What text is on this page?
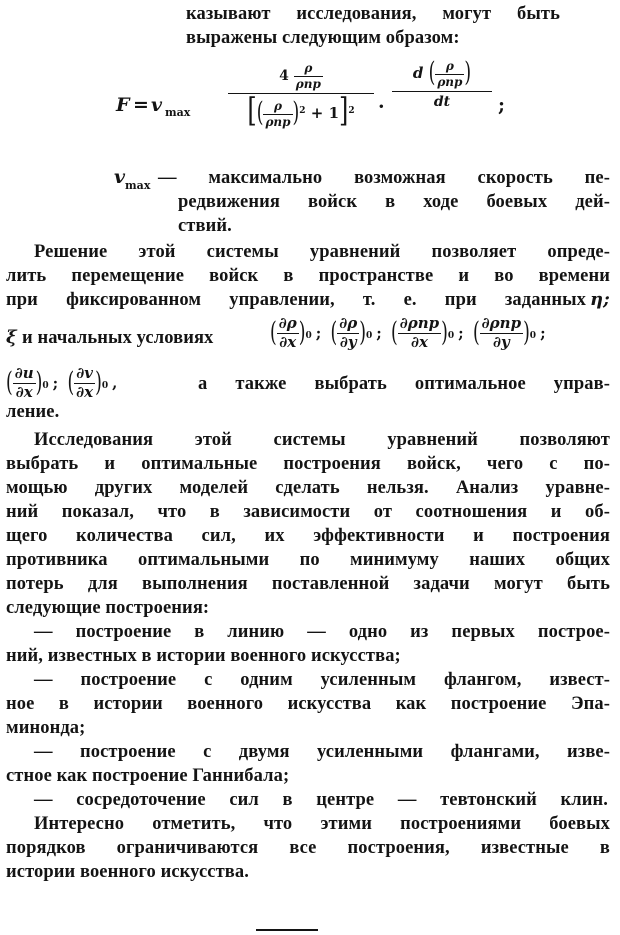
казывают исследования, могут быть
выражены следующим образом:
F = v max
$4 \frac{\rho}{\text{ρnp}}$
[( $\frac{\rho}{\text{ρnp}} )^2 + 1]^2$	·
d ( $\frac{\rho}{\text{ρnp}}$ )
dt	;
$v_{max}$ — максимально возможная скорость пе-
редвижения войск в ходе боевых дей-
ствий.
Решение этой системы уравнений позволяет опреде-
лить перемещение войск в пространстве и во времени
при фиксированном управлении, т. е. при заданных η;
ξ и начальных условиях	( $\frac{\partial\rho}{\partial x}$ ) 0 ; ( $\frac{\partial\rho}{\partial y}$ ) 0 ; ( $\frac{\text{∂ρnp}}{\partial x}$ ) 0 ; ( $\frac{\text{∂ρnp}}{\partial y}$ ) 0 ;
( $\frac{\partial u}{\partial x}$ ) 0 ; ( $\frac{\partial v}{\partial x}$ ) 0 ,	а также выбрать оптимальное управ-
ление.
Исследования этой системы уравнений позволяют
выбрать и оптимальные построения войск, чего с по-
мощью других моделей сделать нельзя. Анализ уравне-
ний показал, что в зависимости от соотношения и об-
щего количества сил, их эффективности и построения
противника оптимальными по минимуму наших общих
потерь для выполнения поставленной задачи могут быть
следующие построения:
— построение в линию — одно из первых построе-
ний, известных в истории военного искусства;
— построение с одним усиленным флангом, извест-
ное в истории военного искусства как построение Эпа-
минонда;
— построение с двумя усиленными флангами, изве-
стное как построение Ганнибала;
— сосредоточение сил в центре — тевтонский клин.
Интересно отметить, что этими построениями боевых
порядков ограничиваются все построения, известные в
истории военного искусства.
